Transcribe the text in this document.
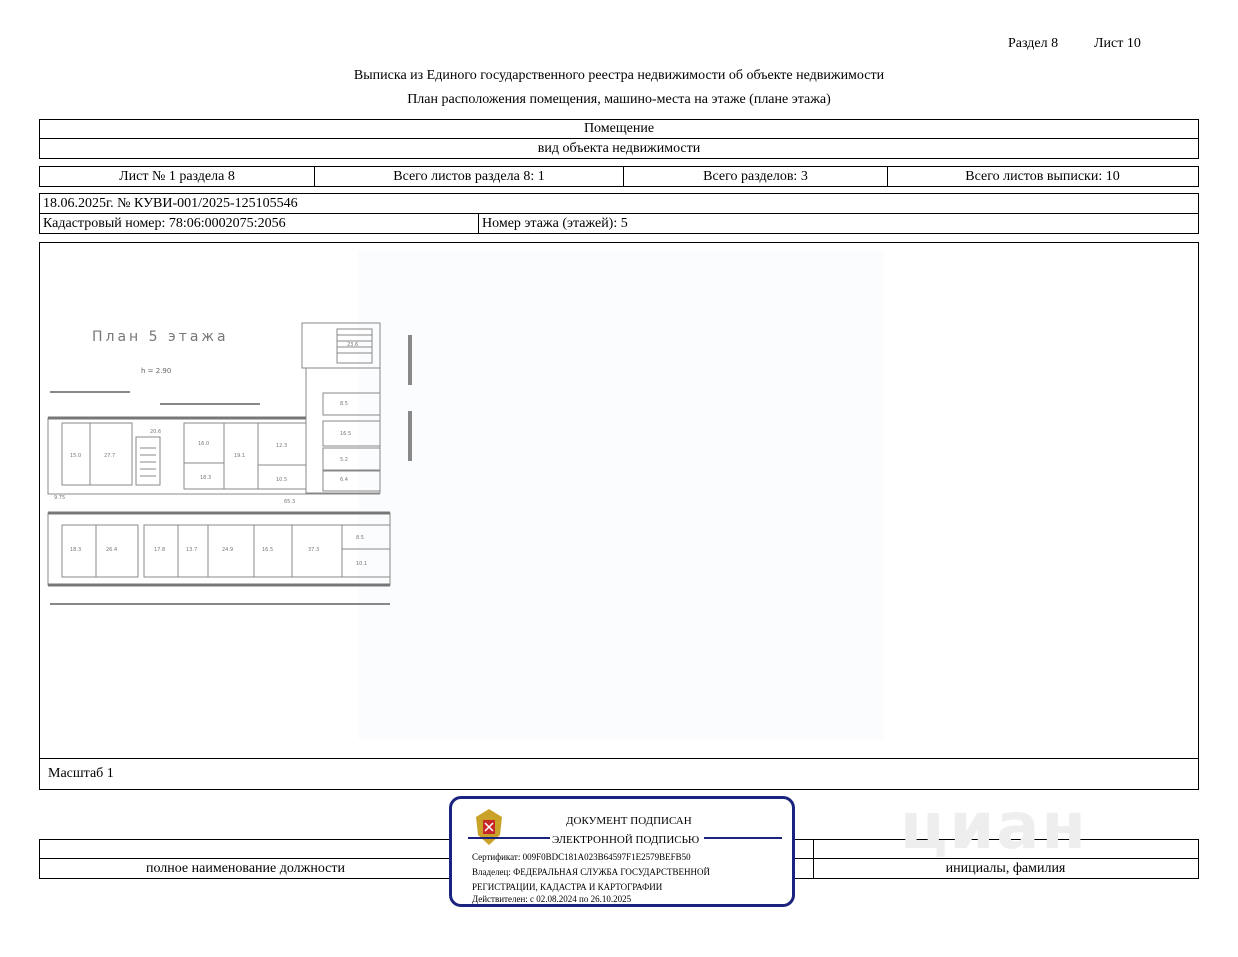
Раздел 8	Лист 10
Выписка из Единого государственного реестра недвижимости об объекте недвижимости
План расположения помещения, машино-места на этаже (плане этажа)
Помещение
вид объекта недвижимости
Лист № 1 раздела 8	Всего листов раздела 8: 1	Всего разделов: 3	Всего листов выписки: 10
18.06.2025г. № КУВИ-001/2025-125105546
Кадастровый номер: 78:06:0002075:2056	Номер этажа (этажей): 5
План 5 этажа
h = 2.90
15.0	27.7
20.6
16.0
18.3
19.1
12.3
10.5
18.3	26.4	17.8	13.7	24.9	16.5	37.3
8.5
10.1
23.6
8.5
16.5
5.2
6.4
65.3
9.75
Масштаб 1
полное наименование должности	инициалы, фамилия
циан
ДОКУМЕНТ ПОДПИСАН
ЭЛЕКТРОННОЙ ПОДПИСЬЮ
Сертификат: 009F0BDC181A023B64597F1E2579BEFB50
Владелец: ФЕДЕРАЛЬНАЯ СЛУЖБА ГОСУДАРСТВЕННОЙ
РЕГИСТРАЦИИ, КАДАСТРА И КАРТОГРАФИИ
Действителен: с 02.08.2024 по 26.10.2025
